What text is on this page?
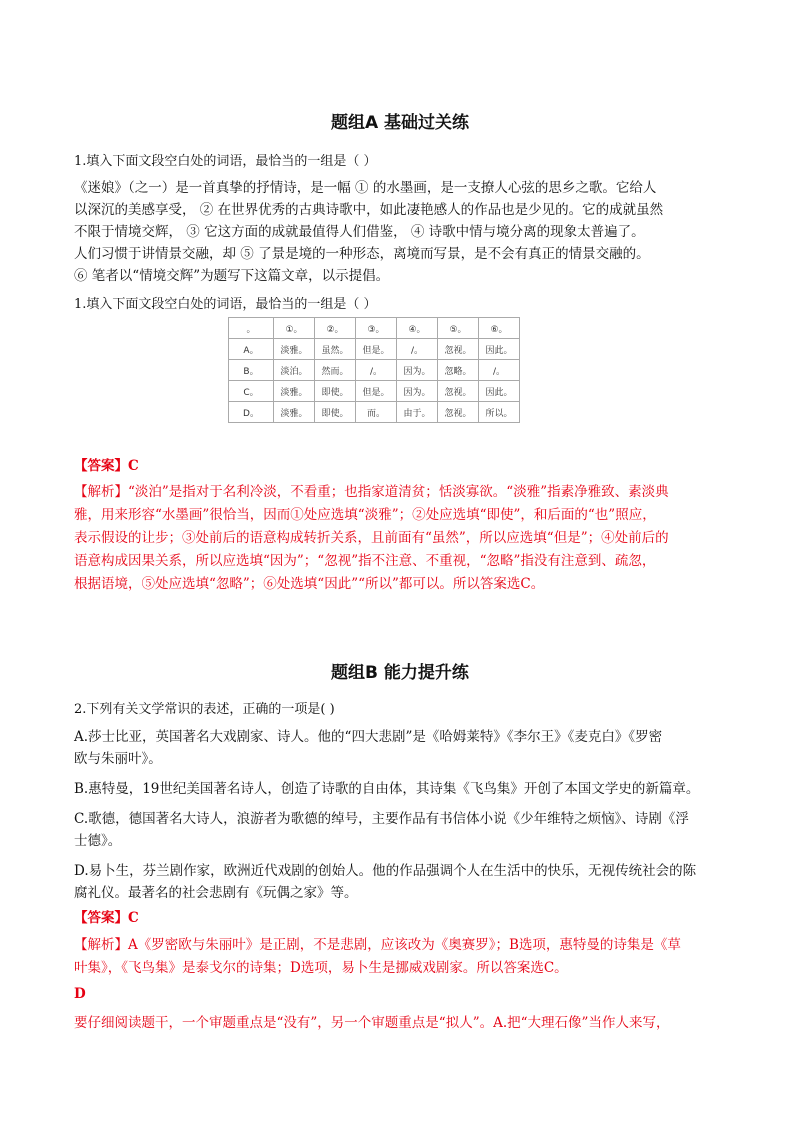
题组A 基础过关练
1.填入下面文段空白处的词语，最恰当的一组是（ ）
《迷娘》（之一）是一首真挚的抒情诗，是一幅 ① 的水墨画，是一支撩人心弦的思乡之歌。它给人
以深沉的美感享受， ② 在世界优秀的古典诗歌中，如此凄艳感人的作品也是少见的。它的成就虽然
不限于情境交辉， ③ 它这方面的成就最值得人们借鉴， ④ 诗歌中情与境分离的现象太普遍了。
人们习惯于讲情景交融，却 ⑤ 了景是境的一种形态，离境而写景，是不会有真正的情景交融的。
⑥ 笔者以“情境交辉”为题写下这篇文章，以示提倡。
1.填入下面文段空白处的词语，最恰当的一组是（ ）
。	①。	②。	③。	④。	⑤。	⑥。
A。	淡雅。	虽然。	但是。	/。	忽视。	因此。
B。	淡泊。	然而。	/。	因为。	忽略。	/。
C。	淡雅。	即使。	但是。	因为。	忽视。	因此。
D。	淡雅。	即使。	而。	由于。	忽视。	所以。
【答案】C
【解析】“淡泊”是指对于名利冷淡，不看重；也指家道清贫；恬淡寡欲。“淡雅”指素净雅致、素淡典
雅，用来形容“水墨画”很恰当，因而①处应选填“淡雅”；②处应选填“即使”，和后面的“也”照应，
表示假设的让步；③处前后的语意构成转折关系，且前面有“虽然”，所以应选填“但是”；④处前后的
语意构成因果关系，所以应选填“因为”；“忽视”指不注意、不重视，“忽略”指没有注意到、疏忽，
根据语境，⑤处应选填“忽略”；⑥处选填“因此”“所以”都可以。所以答案选C。
题组B 能力提升练
2.下列有关文学常识的表述，正确的一项是( )
A.莎士比亚，英国著名大戏剧家、诗人。他的“四大悲剧”是《哈姆莱特》《李尔王》《麦克白》《罗密
欧与朱丽叶》。
B.惠特曼，19世纪美国著名诗人，创造了诗歌的自由体，其诗集《飞鸟集》开创了本国文学史的新篇章。
C.歌德，德国著名大诗人，浪游者为歌德的绰号，主要作品有书信体小说《少年维特之烦恼》、诗剧《浮
士德》。
D.易卜生，芬兰剧作家，欧洲近代戏剧的创始人。他的作品强调个人在生活中的快乐，无视传统社会的陈
腐礼仪。最著名的社会悲剧有《玩偶之家》等。
【答案】C
【解析】A《罗密欧与朱丽叶》是正剧，不是悲剧，应该改为《奥赛罗》；B选项，惠特曼的诗集是《草
叶集》，《飞鸟集》是泰戈尔的诗集；D选项，易卜生是挪威戏剧家。所以答案选C。
D
要仔细阅读题干，一个审题重点是“没有”，另一个审题重点是“拟人”。A.把“大理石像”当作人来写，
